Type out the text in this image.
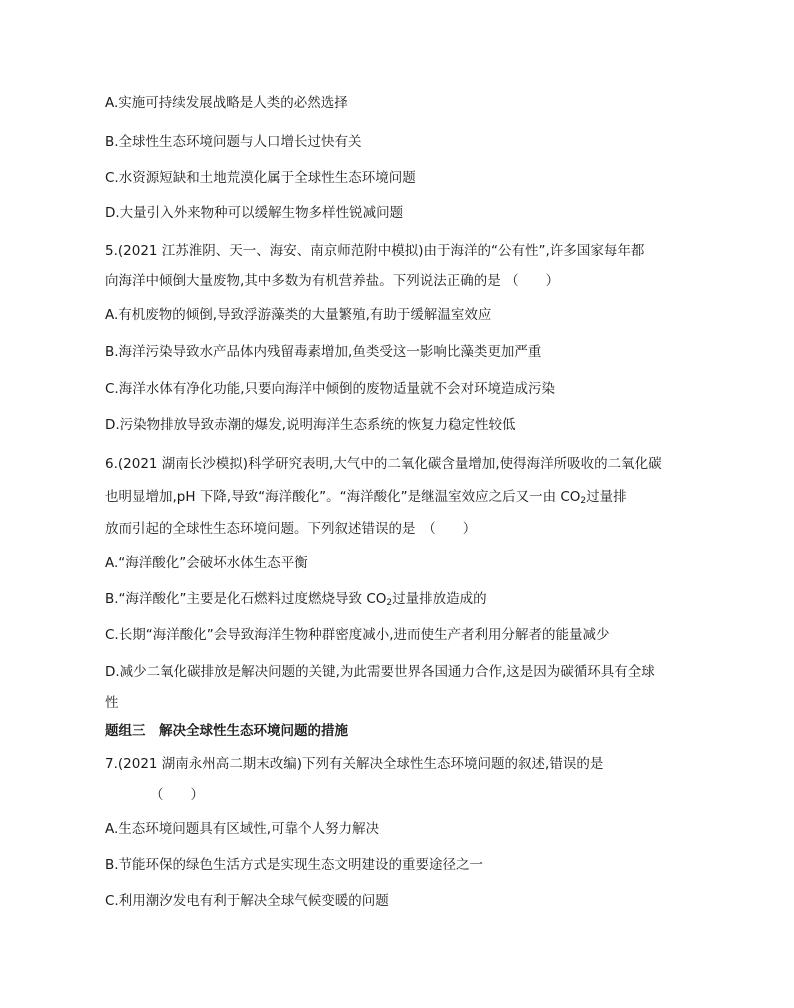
A.实施可持续发展战略是人类的必然选择
B.全球性生态环境问题与人口增长过快有关
C.水资源短缺和土地荒漠化属于全球性生态环境问题
D.大量引入外来物种可以缓解生物多样性锐减问题
5.(2021 江苏淮阴、天一、海安、南京师范附中模拟)由于海洋的“公有性”,许多国家每年都
向海洋中倾倒大量废物,其中多数为有机营养盐。下列说法正确的是 （　　）
A.有机废物的倾倒,导致浮游藻类的大量繁殖,有助于缓解温室效应
B.海洋污染导致水产品体内残留毒素增加,鱼类受这一影响比藻类更加严重
C.海洋水体有净化功能,只要向海洋中倾倒的废物适量就不会对环境造成污染
D.污染物排放导致赤潮的爆发,说明海洋生态系统的恢复力稳定性较低
6.(2021 湖南长沙模拟)科学研究表明,大气中的二氧化碳含量增加,使得海洋所吸收的二氧化碳
也明显增加,pH 下降,导致“海洋酸化”。“海洋酸化”是继温室效应之后又一由 $CO_2$过量排
放而引起的全球性生态环境问题。下列叙述错误的是　（　　）
A.“海洋酸化”会破坏水体生态平衡
B.“海洋酸化”主要是化石燃料过度燃烧导致 $CO_2$过量排放造成的
C.长期“海洋酸化”会导致海洋生物种群密度减小,进而使生产者利用分解者的能量减少
D.减少二氧化碳排放是解决问题的关键,为此需要世界各国通力合作,这是因为碳循环具有全球
性
题组三　解决全球性生态环境问题的措施
7.(2021 湖南永州高二期末改编)下列有关解决全球性生态环境问题的叙述,错误的是
（　　）
A.生态环境问题具有区域性,可靠个人努力解决
B.节能环保的绿色生活方式是实现生态文明建设的重要途径之一
C.利用潮汐发电有利于解决全球气候变暖的问题
